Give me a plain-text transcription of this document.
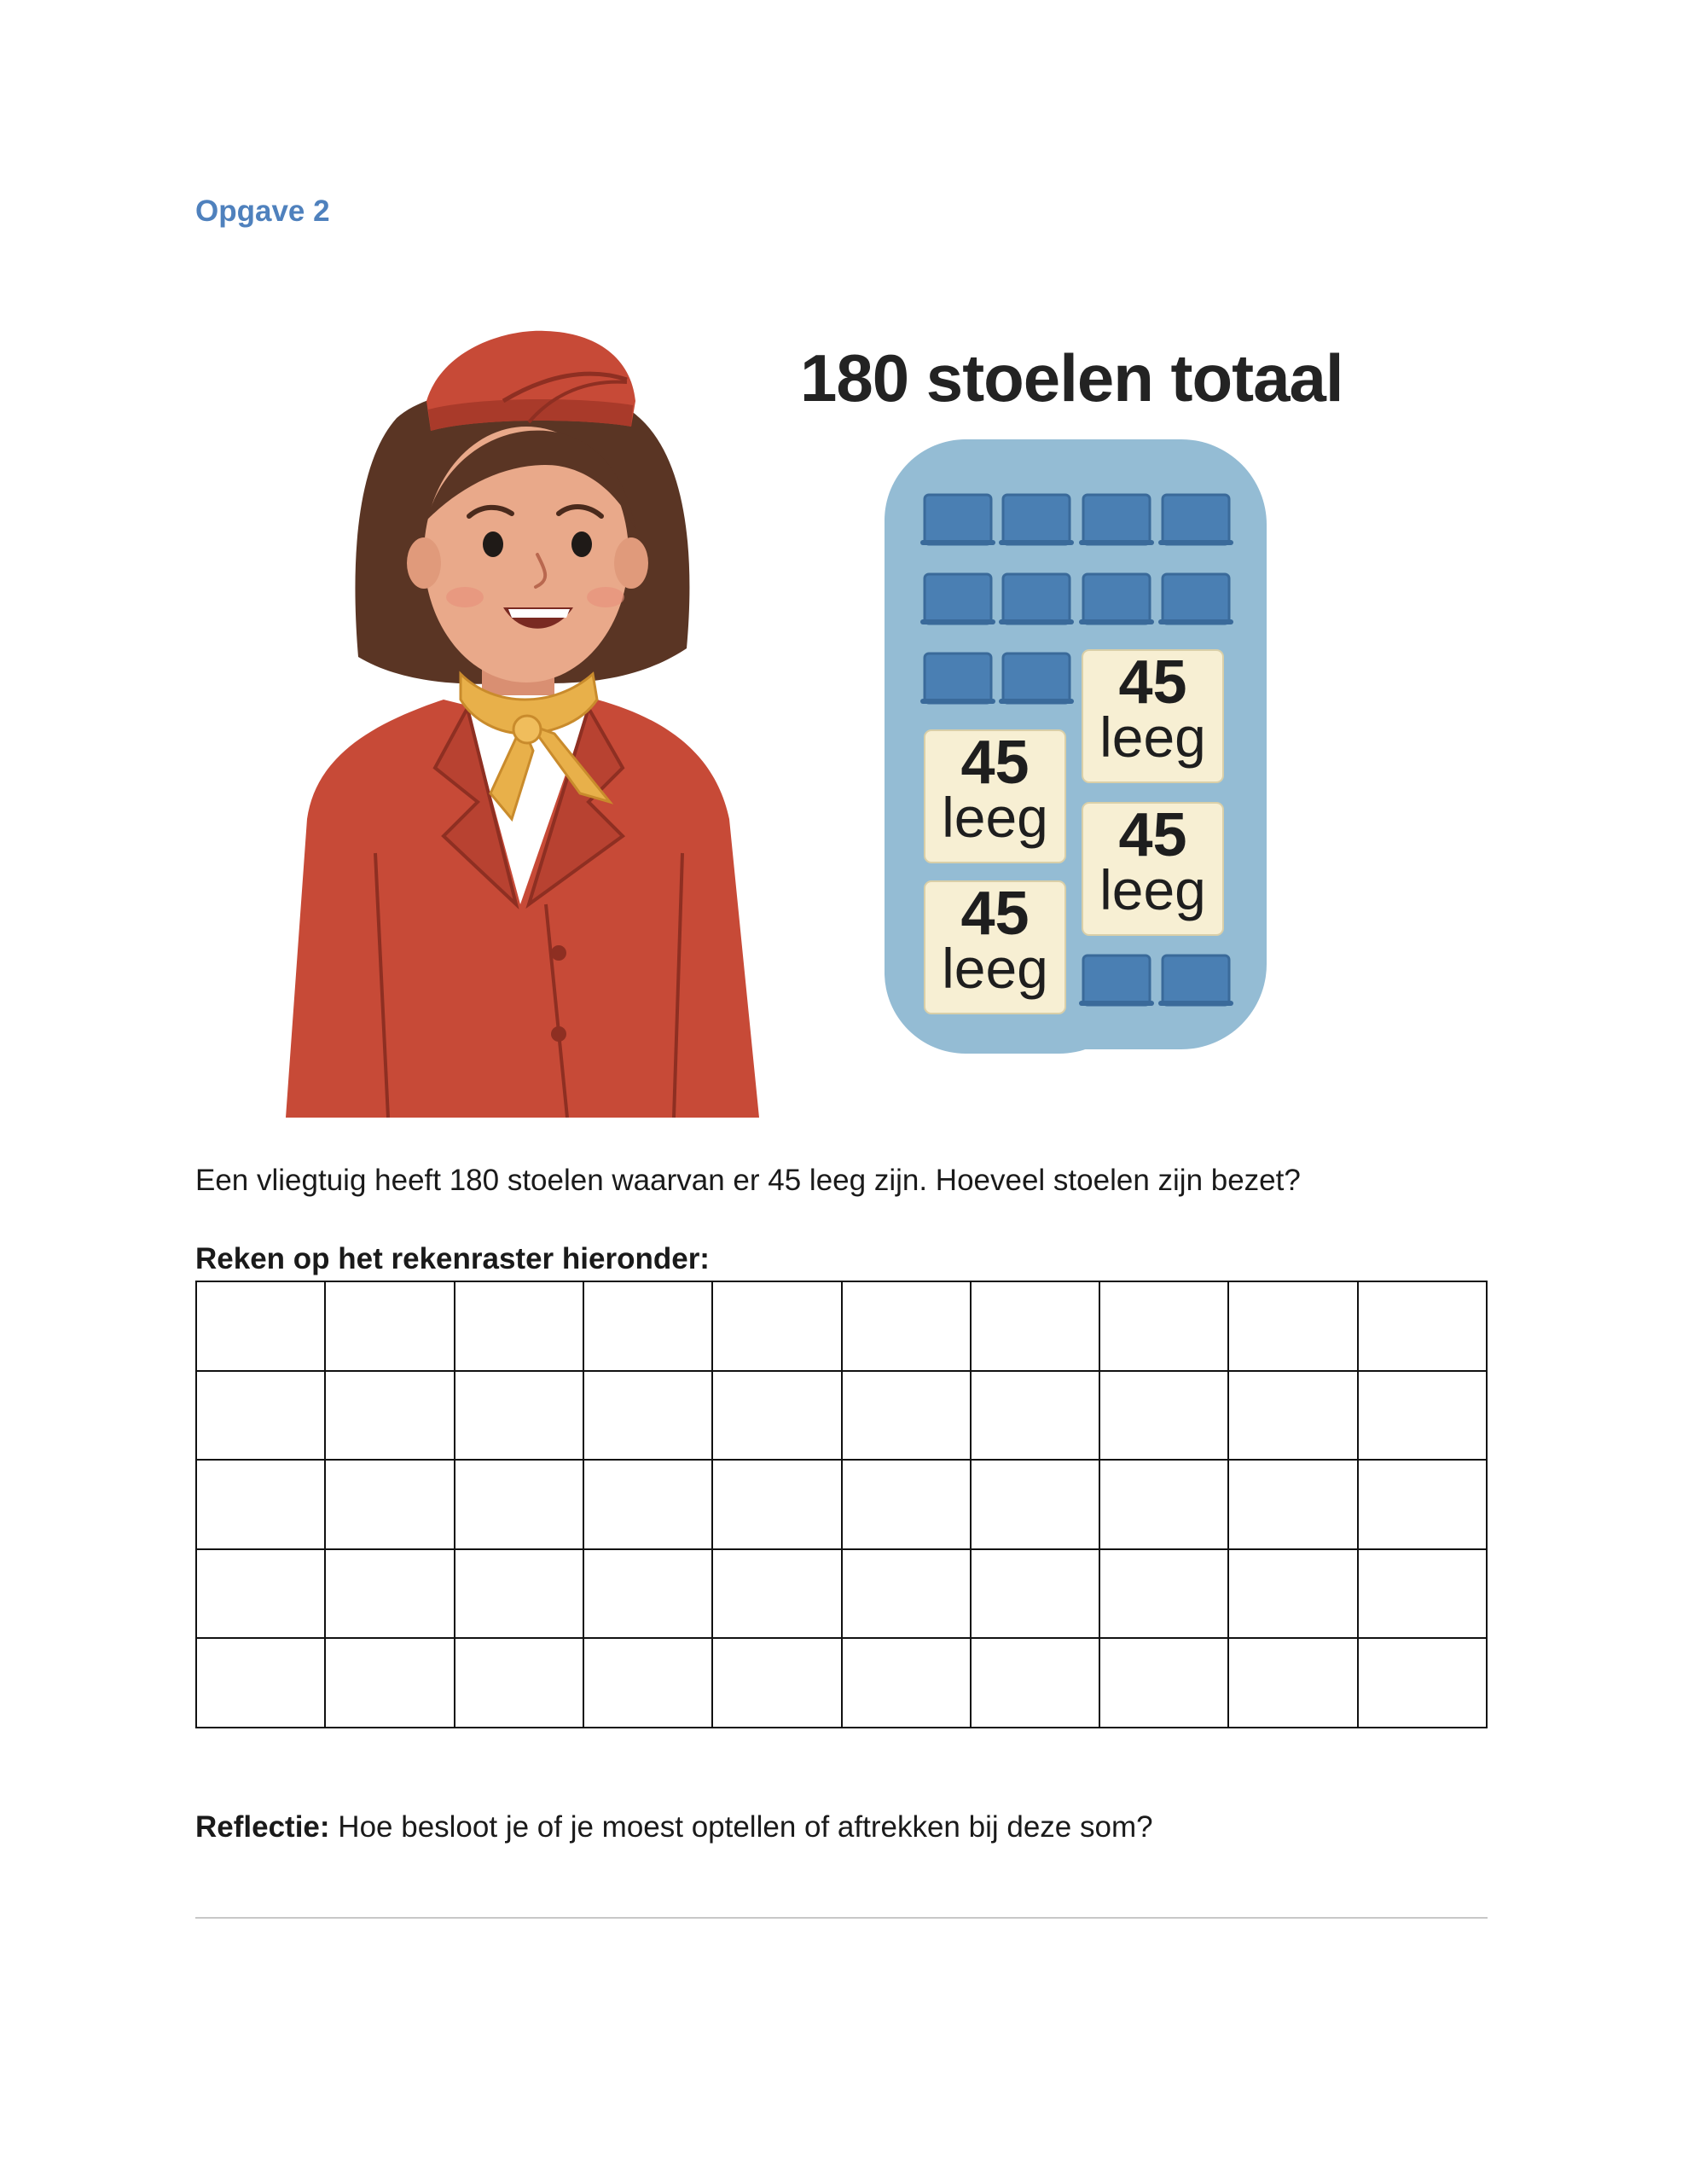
Opgave 2
180 stoelen totaal
45
leeg
45
leeg	45
leeg
45
leeg
Een vliegtuig heeft 180 stoelen waarvan er 45 leeg zijn. Hoeveel stoelen zijn bezet?
Reken op het rekenraster hieronder:
Reflectie: Hoe besloot je of je moest optellen of aftrekken bij deze som?
